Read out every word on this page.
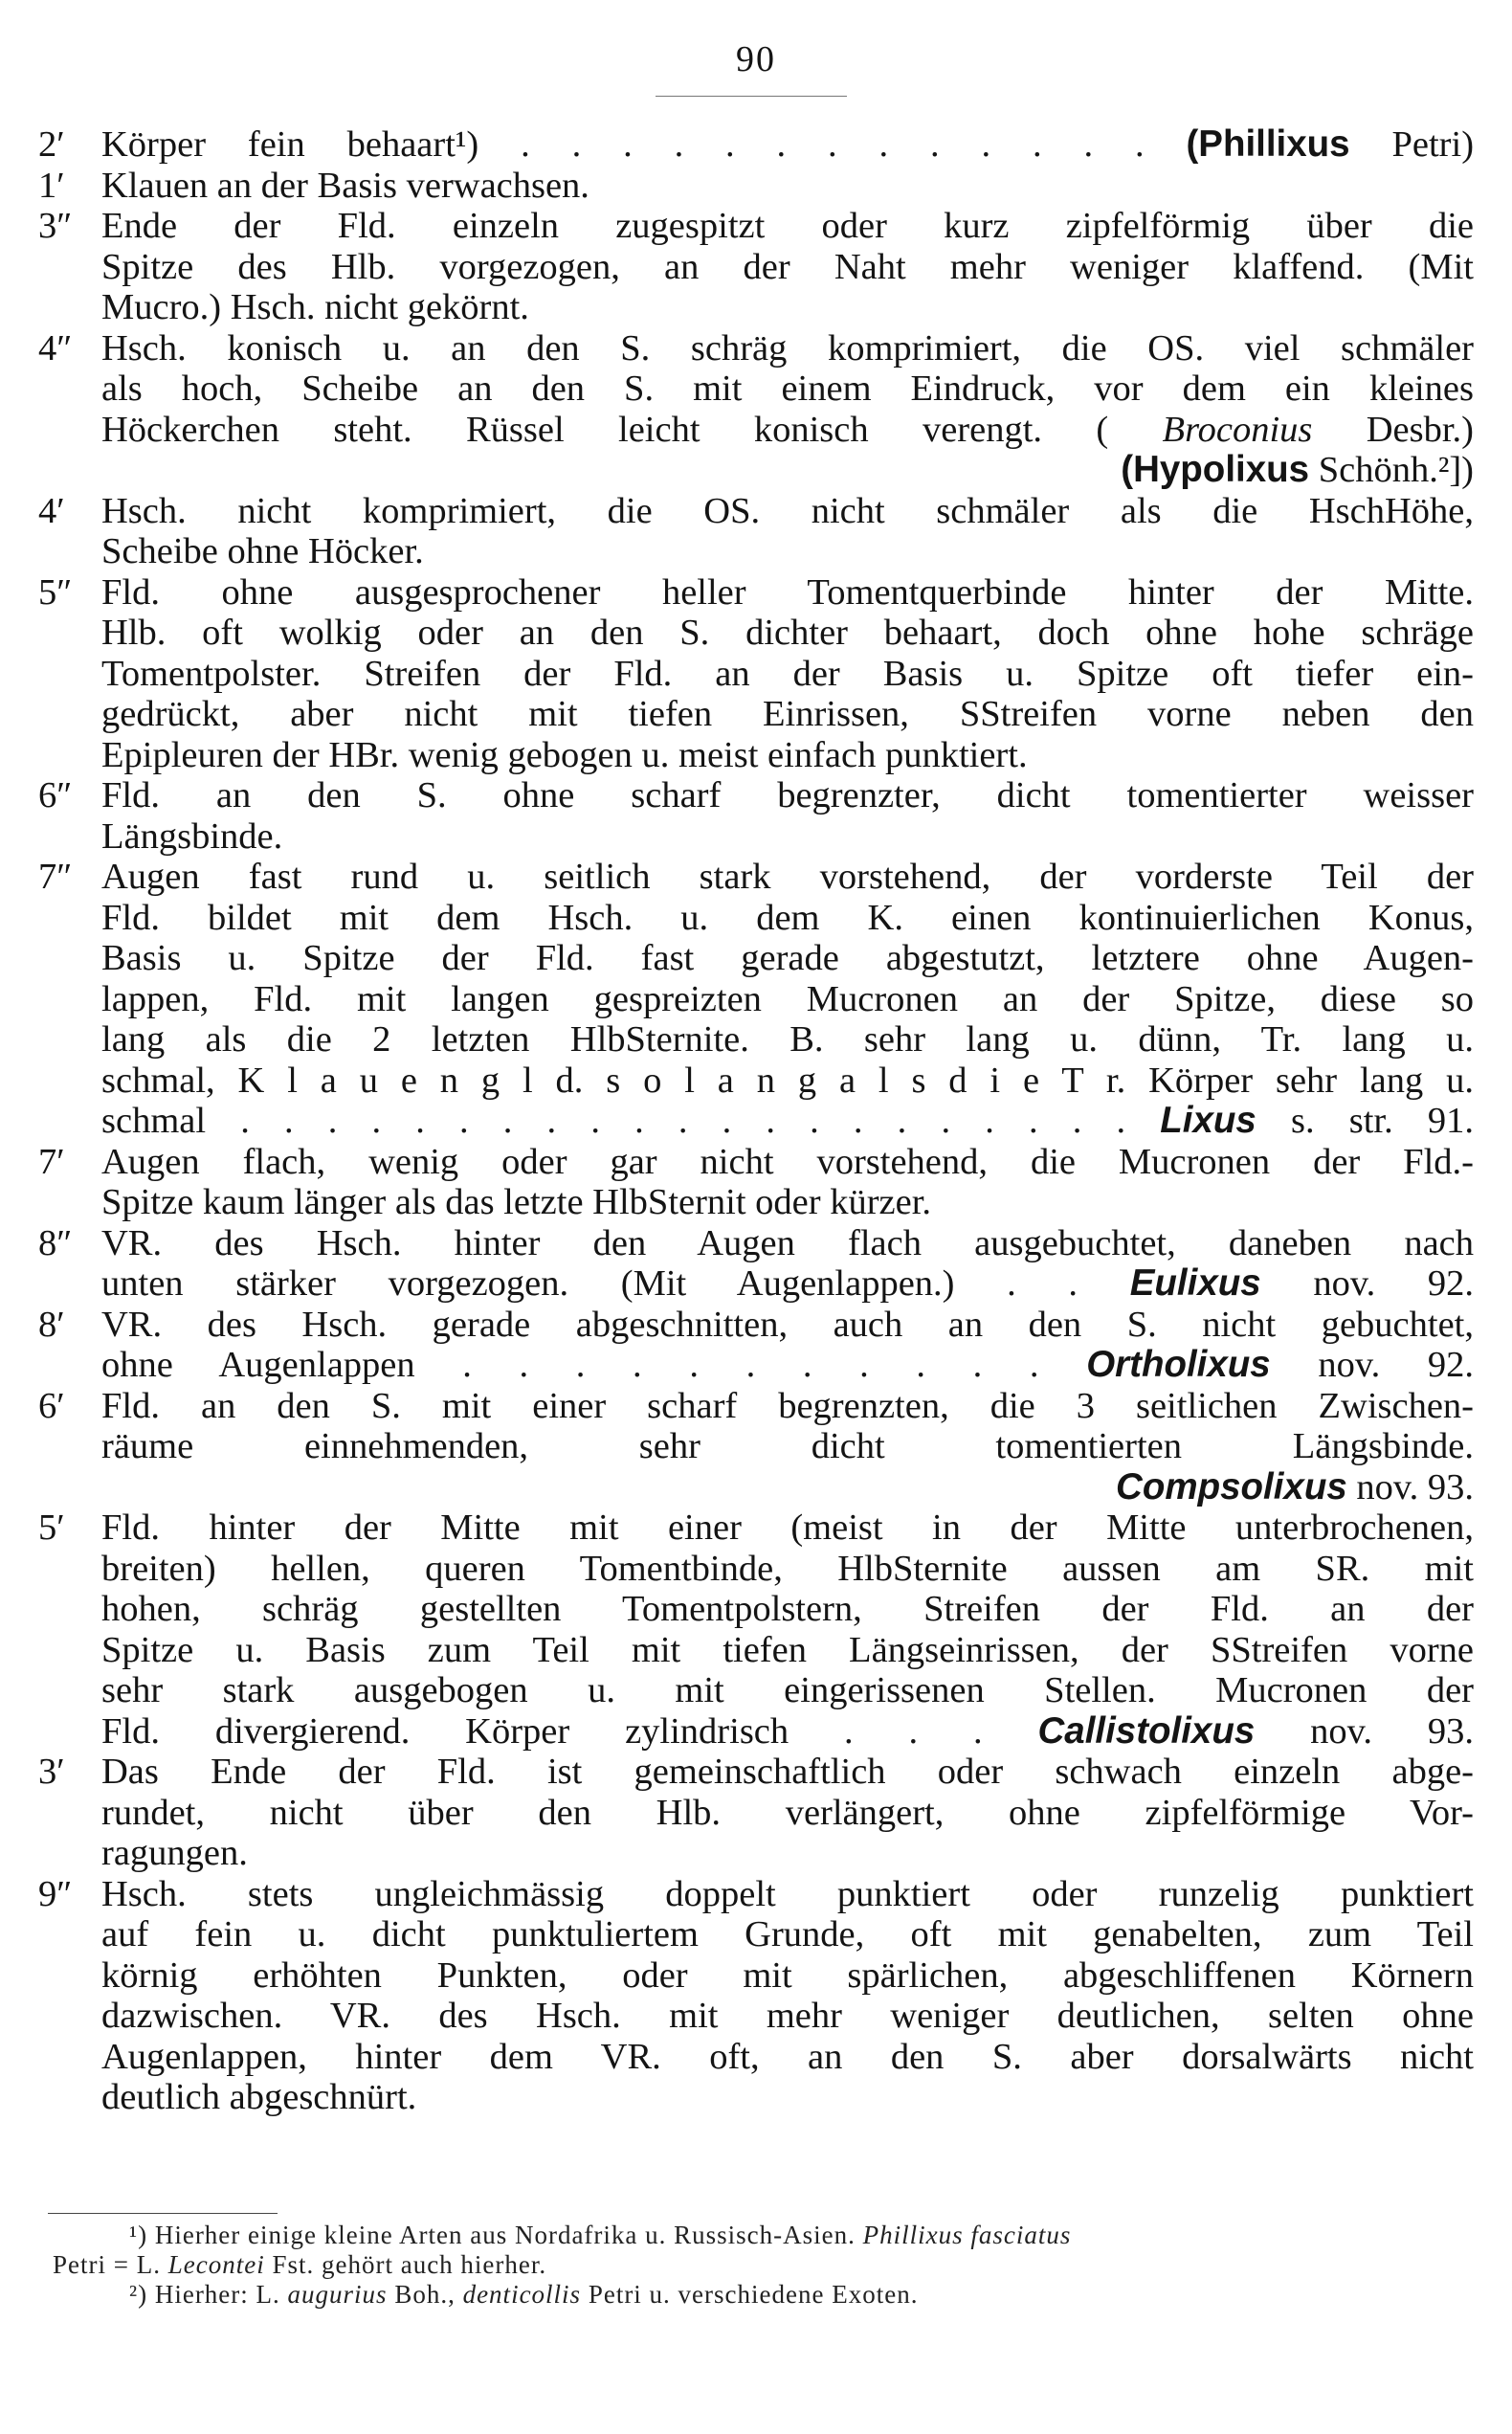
90
2′ Körper fein behaart¹) . . . . . . . . . . . . . (Phillixus Petri)
1′ Klauen an der Basis verwachsen.
3″ Ende der Fld. einzeln zugespitzt oder kurz zipfelförmig über die
Spitze des Hlb. vorgezogen, an der Naht mehr weniger klaffend. (Mit
Mucro.) Hsch. nicht gekörnt.
4″ Hsch. konisch u. an den S. schräg komprimiert, die OS. viel schmäler
als hoch, Scheibe an den S. mit einem Eindruck, vor dem ein kleines
Höckerchen steht. Rüssel leicht konisch verengt. ( Broconius Desbr.)
(Hypolixus Schönh.²])
4′ Hsch. nicht komprimiert, die OS. nicht schmäler als die HschHöhe,
Scheibe ohne Höcker.
5″ Fld. ohne ausgesprochener heller Tomentquerbinde hinter der Mitte.
Hlb. oft wolkig oder an den S. dichter behaart, doch ohne hohe schräge
Tomentpolster. Streifen der Fld. an der Basis u. Spitze oft tiefer ein-
gedrückt, aber nicht mit tiefen Einrissen, SStreifen vorne neben den
Epipleuren der HBr. wenig gebogen u. meist einfach punktiert.
6″ Fld. an den S. ohne scharf begrenzter, dicht tomentierter weisser
Längsbinde.
7″ Augen fast rund u. seitlich stark vorstehend, der vorderste Teil der
Fld. bildet mit dem Hsch. u. dem K. einen kontinuierlichen Konus,
Basis u. Spitze der Fld. fast gerade abgestutzt, letztere ohne Augen-
lappen, Fld. mit langen gespreizten Mucronen an der Spitze, diese so
lang als die 2 letzten HlbSternite. B. sehr lang u. dünn, Tr. lang u.
schmal, K l a u e n g l d. s o l a n g a l s d i e T r. Körper sehr lang u.
schmal . . . . . . . . . . . . . . . . . . . . . Lixus s. str. 91.
7′ Augen flach, wenig oder gar nicht vorstehend, die Mucronen der Fld.-
Spitze kaum länger als das letzte HlbSternit oder kürzer.
8″ VR. des Hsch. hinter den Augen flach ausgebuchtet, daneben nach
unten stärker vorgezogen. (Mit Augenlappen.) . . Eulixus nov. 92.
8′ VR. des Hsch. gerade abgeschnitten, auch an den S. nicht gebuchtet,
ohne Augenlappen . . . . . . . . . . . Ortholixus nov. 92.
6′ Fld. an den S. mit einer scharf begrenzten, die 3 seitlichen Zwischen-
räume einnehmenden, sehr dicht tomentierten Längsbinde.
Compsolixus nov. 93.
5′ Fld. hinter der Mitte mit einer (meist in der Mitte unterbrochenen,
breiten) hellen, queren Tomentbinde, HlbSternite aussen am SR. mit
hohen, schräg gestellten Tomentpolstern, Streifen der Fld. an der
Spitze u. Basis zum Teil mit tiefen Längseinrissen, der SStreifen vorne
sehr stark ausgebogen u. mit eingerissenen Stellen. Mucronen der
Fld. divergierend. Körper zylindrisch . . . Callistolixus nov. 93.
3′ Das Ende der Fld. ist gemeinschaftlich oder schwach einzeln abge-
rundet, nicht über den Hlb. verlängert, ohne zipfelförmige Vor-
ragungen.
9″ Hsch. stets ungleichmässig doppelt punktiert oder runzelig punktiert
auf fein u. dicht punktuliertem Grunde, oft mit genabelten, zum Teil
körnig erhöhten Punkten, oder mit spärlichen, abgeschliffenen Körnern
dazwischen. VR. des Hsch. mit mehr weniger deutlichen, selten ohne
Augenlappen, hinter dem VR. oft, an den S. aber dorsalwärts nicht
deutlich abgeschnürt.

¹) Hierher einige kleine Arten aus Nordafrika u. Russisch-Asien. Phillixus fasciatus

Petri = L. Lecontei Fst. gehört auch hierher.

²) Hierher: L. augurius Boh., denticollis Petri u. verschiedene Exoten.
